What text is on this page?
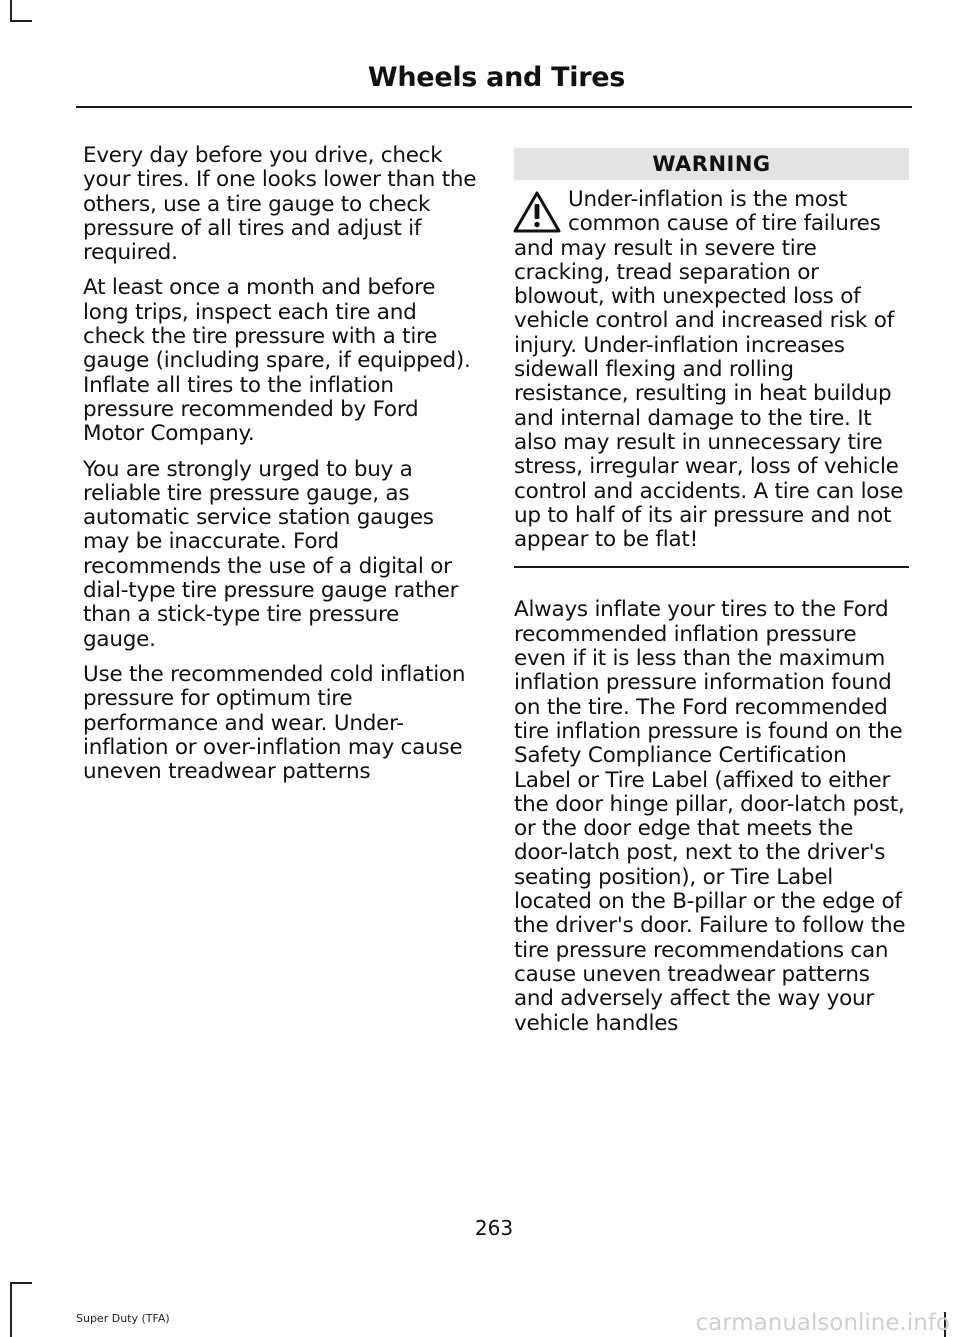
Wheels and Tires

Every day before you drive, check your tires. If one looks lower than the others, use a tire gauge to check pressure of all tires and adjust if required.

At least once a month and before long trips, inspect each tire and check the tire pressure with a tire gauge (including spare, if equipped). Inflate all tires to the inflation pressure recommended by Ford Motor Company.

You are strongly urged to buy a reliable tire pressure gauge, as automatic service station gauges may be inaccurate. Ford recommends the use of a digital or dial-type tire pressure gauge rather than a stick-type tire pressure gauge.

Use the recommended cold inflation pressure for optimum tire performance and wear. Under-inflation or over-inflation may cause uneven treadwear patterns

WARNING

Under-inflation is the most common cause of tire failures and may result in severe tire cracking, tread separation or blowout, with unexpected loss of vehicle control and increased risk of injury. Under-inflation increases sidewall flexing and rolling resistance, resulting in heat buildup and internal damage to the tire. It also may result in unnecessary tire stress, irregular wear, loss of vehicle control and accidents. A tire can lose up to half of its air pressure and not appear to be flat!

Always inflate your tires to the Ford recommended inflation pressure even if it is less than the maximum inflation pressure information found on the tire. The Ford recommended tire inflation pressure is found on the Safety Compliance Certification Label or Tire Label (affixed to either the door hinge pillar, door-latch post, or the door edge that meets the door-latch post, next to the driver's seating position), or Tire Label located on the B-pillar or the edge of the driver's door. Failure to follow the tire pressure recommendations can cause uneven treadwear patterns and adversely affect the way your vehicle handles

263
Super Duty (TFA)	carmanualsonline.info
